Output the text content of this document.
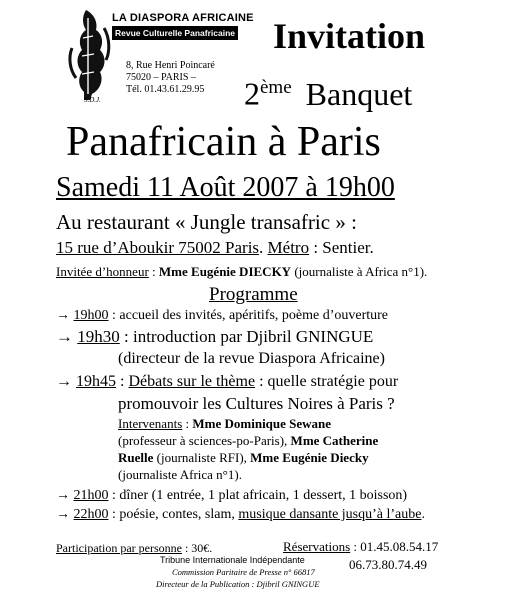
S.D.J.
LA DIASPORA AFRICAINE
Revue Culturelle Panafricaine
8, Rue Henri Poincaré
75020 – PARIS –
Tél. 01.43.61.29.95
Invitation
2ème Banquet
Panafricain à Paris
Samedi 11 Août 2007 à 19h00
Au restaurant « Jungle transafric » :
15 rue d’Aboukir 75002 Paris. Métro : Sentier.
Invitée d’honneur : Mme Eugénie DIECKY (journaliste à Africa n°1).
Programme
→ 19h00 : accueil des invités, apéritifs, poème d’ouverture
→ 19h30 : introduction par Djibril GNINGUE
(directeur de la revue Diaspora Africaine)
→ 19h45 : Débats sur le thème : quelle stratégie pour
promouvoir les Cultures Noires à Paris ?
Intervenants : Mme Dominique Sewane
(professeur à sciences-po-Paris), Mme Catherine
Ruelle (journaliste RFI), Mme Eugénie Diecky
(journaliste Africa n°1).
→ 21h00 : dîner (1 entrée, 1 plat africain, 1 dessert, 1 boisson)
→ 22h00 : poésie, contes, slam, musique dansante jusqu’à l’aube.
Participation par personne : 30€.	Réservations : 01.45.08.54.17
06.73.80.74.49
Tribune Internationale Indépendante
Commission Paritaire de Presse n° 66817
Directeur de la Publication : Djibril GNINGUE
